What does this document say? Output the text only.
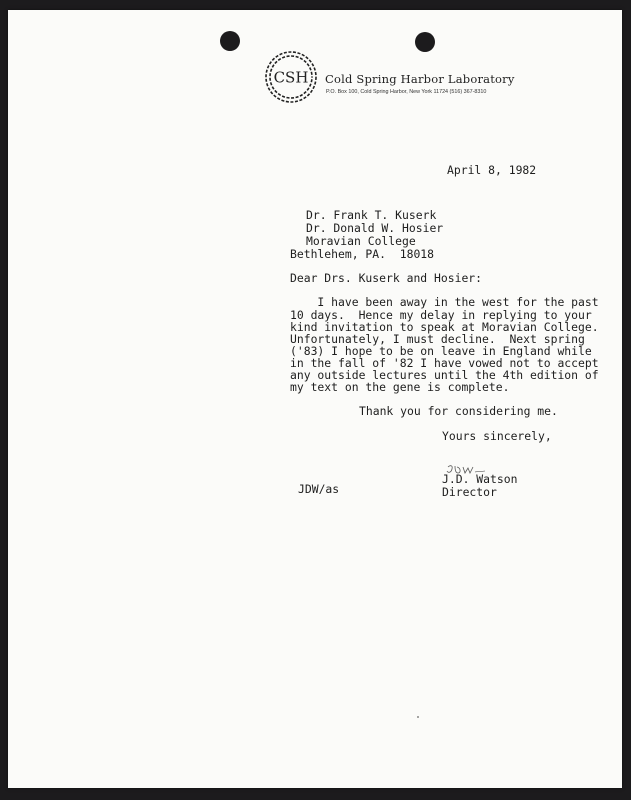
CSH Cold Spring Harbor Laboratory
P.O. Box 100, Cold Spring Harbor, New York 11724 (516) 367-8310
April 8, 1982
Dr. Frank T. Kuserk
Dr. Donald W. Hosier
Moravian College
Bethlehem, PA.  18018
Dear Drs. Kuserk and Hosier:
I have been away in the west for the past
10 days.  Hence my delay in replying to your
kind invitation to speak at Moravian College.
Unfortunately, I must decline.  Next spring
('83) I hope to be on leave in England while
in the fall of '82 I have vowed not to accept
any outside lectures until the 4th edition of
my text on the gene is complete.
Thank you for considering me.
Yours sincerely,
J.D. Watson
Director
JDW/as
